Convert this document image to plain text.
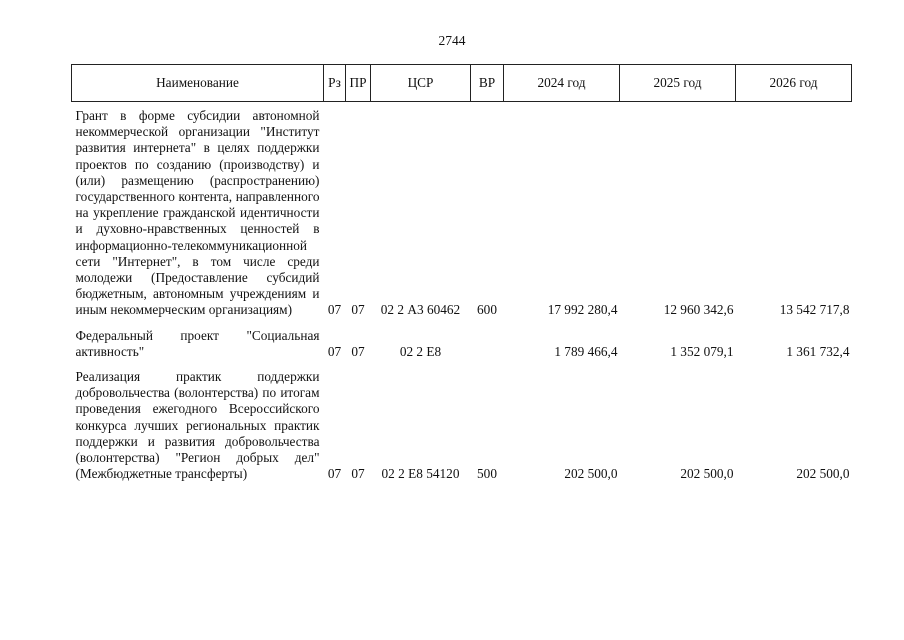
2744
Наименование	Рз	ПР	ЦСР	ВР	2024 год	2025 год	2026 год
Грант в форме субсидии автономной некоммерческой организации "Институт развития интернета" в целях поддержки проектов по созданию (производству) и (или) размещению (распространению) государственного контента, направленного на укрепление гражданской идентичности и духовно-нравственных ценностей в информационно-телекоммуникационной сети "Интернет", в том числе среди молодежи (Предоставление субсидий бюджетным, автономным учреждениям и иным некоммерческим организациям)	07	07	02 2 А3 60462	600	17 992 280,4	12 960 342,6	13 542 717,8
Федеральный проект "Социальная активность"	07	07	02 2 Е8		1 789 466,4	1 352 079,1	1 361 732,4
Реализация практик поддержки добровольчества (волонтерства) по итогам проведения ежегодного Всероссийского конкурса лучших региональных практик поддержки и развития добровольчества (волонтерства) "Регион добрых дел" (Межбюджетные трансферты)	07	07	02 2 Е8 54120	500	202 500,0	202 500,0	202 500,0
